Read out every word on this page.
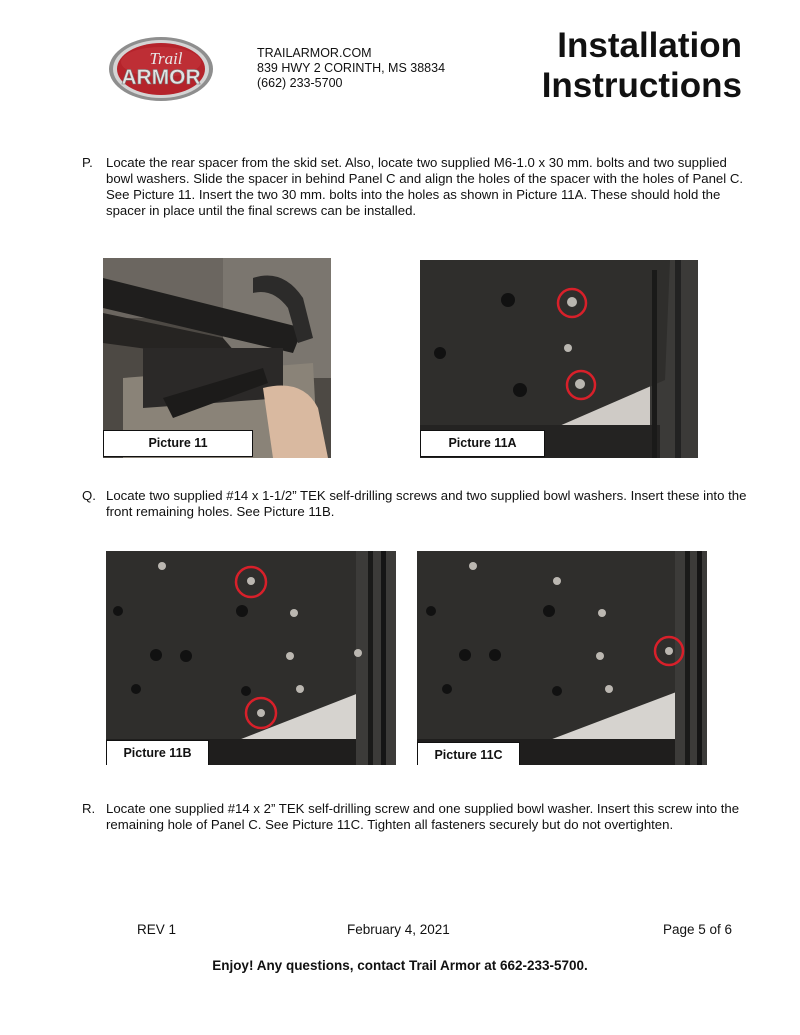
Trail
ARMOR
TRAILARMOR.COM
839 HWY 2 CORINTH, MS 38834
(662) 233-5700
Installation
Instructions
P.	Locate the rear spacer from the skid set. Also, locate two supplied M6-1.0 x 30 mm. bolts and two supplied bowl washers. Slide the spacer in behind Panel C and align the holes of the spacer with the holes of Panel C. See Picture 11. Insert the two 30 mm. bolts into the holes as shown in Picture 11A. These should hold the spacer in place until the final screws can be installed.
Picture 11	Picture 11A
Q. Locate two supplied #14 x 1-1/2” TEK self-drilling screws and two supplied bowl washers. Insert these into the front remaining holes. See Picture 11B.
Picture 11B	Picture 11C
R. Locate one supplied #14 x 2” TEK self-drilling screw and one supplied bowl washer. Insert this screw into the remaining hole of Panel C. See Picture 11C. Tighten all fasteners securely but do not overtighten.
REV 1	February 4, 2021	Page 5 of 6
Enjoy! Any questions, contact Trail Armor at 662-233-5700.
